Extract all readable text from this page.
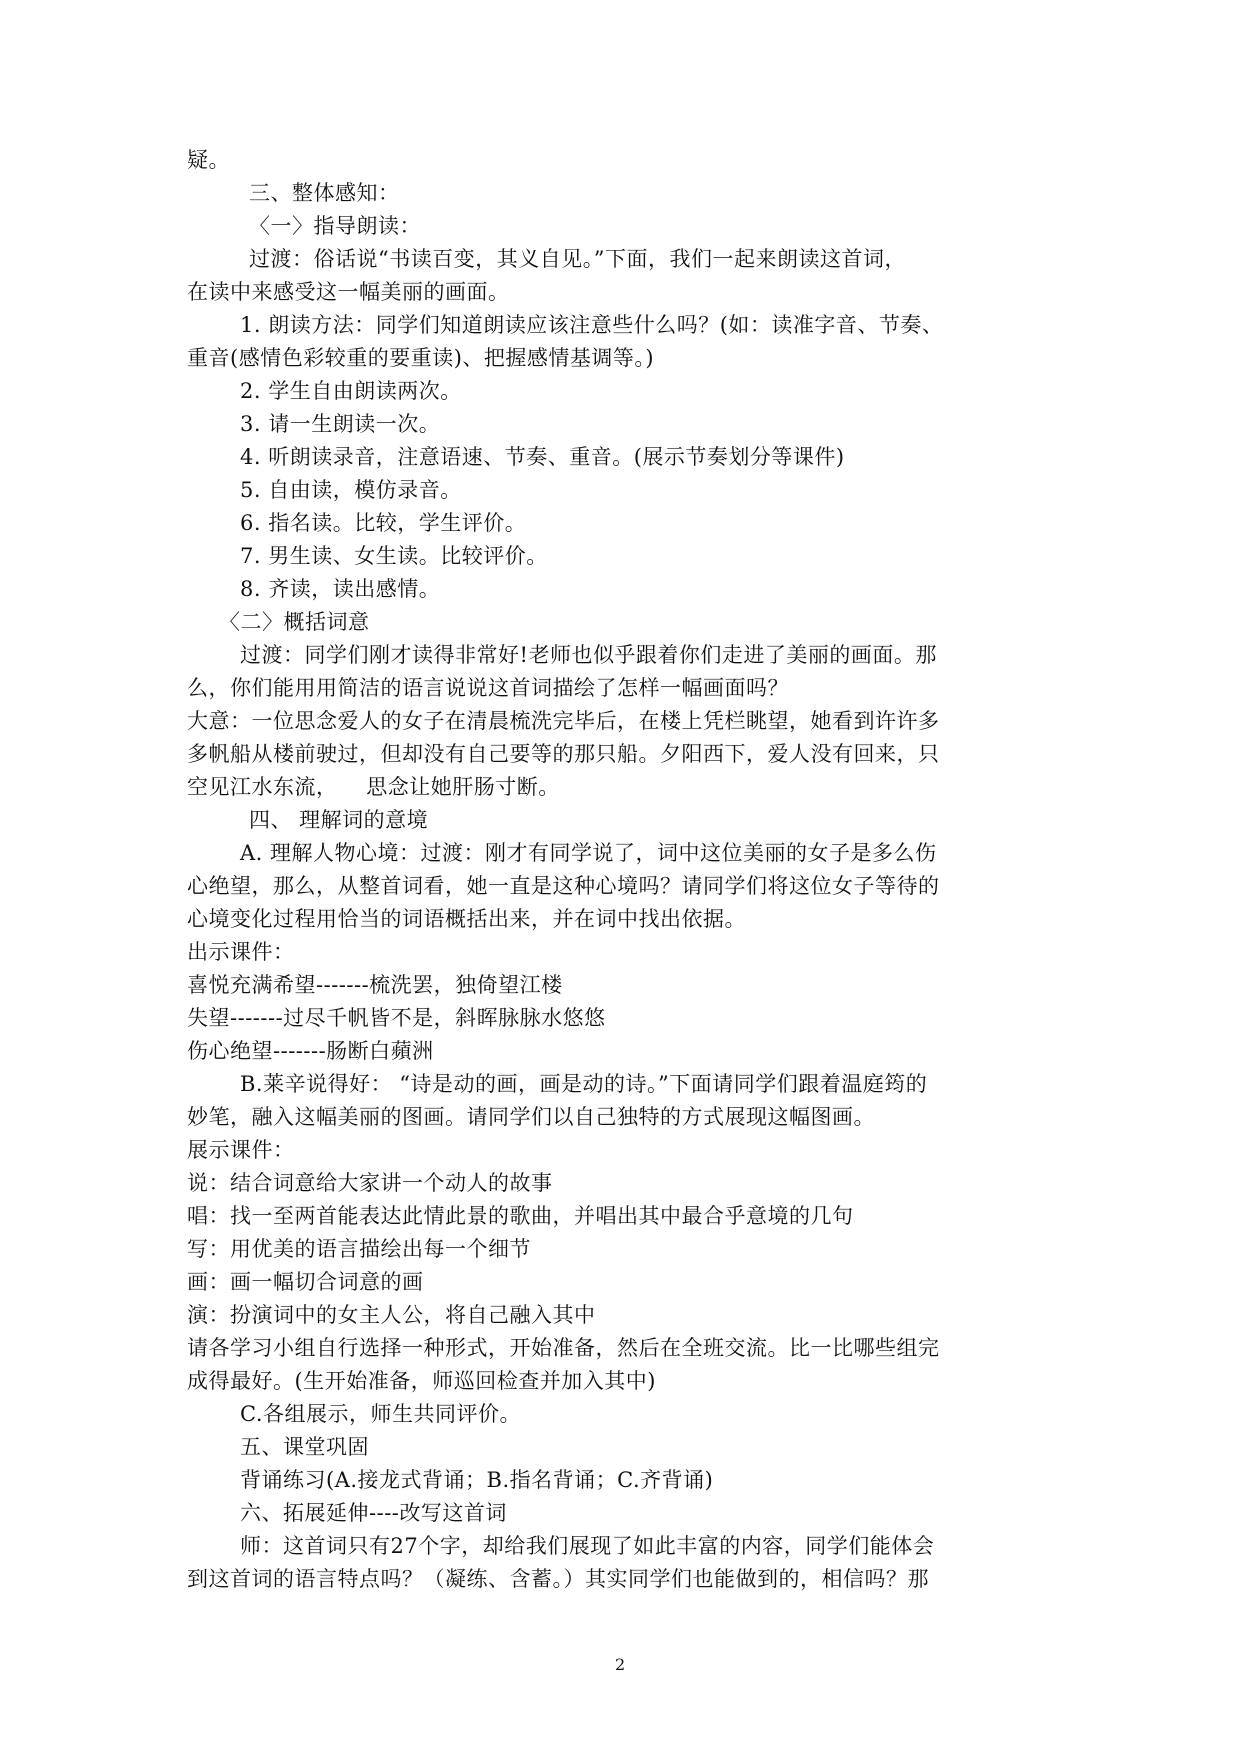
疑。
三、整体感知：
〈一〉指导朗读：
过渡：俗话说“书读百变，其义自见。”下面，我们一起来朗读这首词，
在读中来感受这一幅美丽的画面。
1. 朗读方法：同学们知道朗读应该注意些什么吗？(如：读准字音、节奏、
重音(感情色彩较重的要重读)、把握感情基调等。)
2. 学生自由朗读两次。
3. 请一生朗读一次。
4. 听朗读录音，注意语速、节奏、重音。(展示节奏划分等课件)
5. 自由读，模仿录音。
6. 指名读。比较，学生评价。
7. 男生读、女生读。比较评价。
8. 齐读，读出感情。
〈二〉概括词意
过渡：同学们刚才读得非常好!老师也似乎跟着你们走进了美丽的画面。那
么，你们能用用简洁的语言说说这首词描绘了怎样一幅画面吗？
大意：一位思念爱人的女子在清晨梳洗完毕后，在楼上凭栏眺望，她看到许许多
多帆船从楼前驶过，但却没有自己要等的那只船。夕阳西下，爱人没有回来，只
空见江水东流，    思念让她肝肠寸断。
四、 理解词的意境
A. 理解人物心境：过渡：刚才有同学说了，词中这位美丽的女子是多么伤
心绝望，那么，从整首词看，她一直是这种心境吗？请同学们将这位女子等待的
心境变化过程用恰当的词语概括出来，并在词中找出依据。
出示课件：
喜悦充满希望-------梳洗罢，独倚望江楼
失望-------过尽千帆皆不是，斜晖脉脉水悠悠
伤心绝望-------肠断白蘋洲
B.莱辛说得好： “诗是动的画，画是动的诗。”下面请同学们跟着温庭筠的
妙笔，融入这幅美丽的图画。请同学们以自己独特的方式展现这幅图画。
展示课件：
说：结合词意给大家讲一个动人的故事
唱：找一至两首能表达此情此景的歌曲，并唱出其中最合乎意境的几句
写：用优美的语言描绘出每一个细节
画：画一幅切合词意的画
演：扮演词中的女主人公，将自己融入其中
请各学习小组自行选择一种形式，开始准备，然后在全班交流。比一比哪些组完
成得最好。(生开始准备，师巡回检查并加入其中)
C.各组展示，师生共同评价。
五、课堂巩固
背诵练习(A.接龙式背诵；B.指名背诵；C.齐背诵)
六、拓展延伸----改写这首词
师：这首词只有27个字，却给我们展现了如此丰富的内容，同学们能体会
到这首词的语言特点吗？（凝练、含蓄。）其实同学们也能做到的，相信吗？那
2
